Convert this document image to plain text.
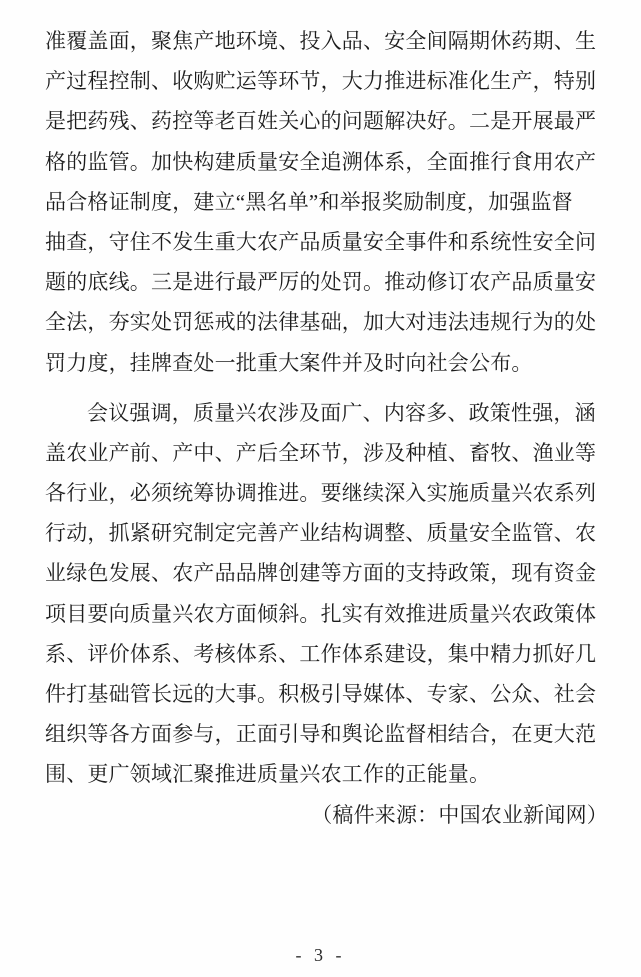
准覆盖面，聚焦产地环境、投入品、安全间隔期休药期、生
产过程控制、收购贮运等环节，大力推进标准化生产，特别
是把药残、药控等老百姓关心的问题解决好。二是开展最严
格的监管。加快构建质量安全追溯体系，全面推行食用农产
品合格证制度，建立“黑名单”和举报奖励制度，加强监督
抽查，守住不发生重大农产品质量安全事件和系统性安全问
题的底线。三是进行最严厉的处罚。推动修订农产品质量安
全法，夯实处罚惩戒的法律基础，加大对违法违规行为的处
罚力度，挂牌查处一批重大案件并及时向社会公布。
会议强调，质量兴农涉及面广、内容多、政策性强，涵
盖农业产前、产中、产后全环节，涉及种植、畜牧、渔业等
各行业，必须统筹协调推进。要继续深入实施质量兴农系列
行动，抓紧研究制定完善产业结构调整、质量安全监管、农
业绿色发展、农产品品牌创建等方面的支持政策，现有资金
项目要向质量兴农方面倾斜。扎实有效推进质量兴农政策体
系、评价体系、考核体系、工作体系建设，集中精力抓好几
件打基础管长远的大事。积极引导媒体、专家、公众、社会
组织等各方面参与，正面引导和舆论监督相结合，在更大范
围、更广领域汇聚推进质量兴农工作的正能量。
（稿件来源：中国农业新闻网）
- 3 -
